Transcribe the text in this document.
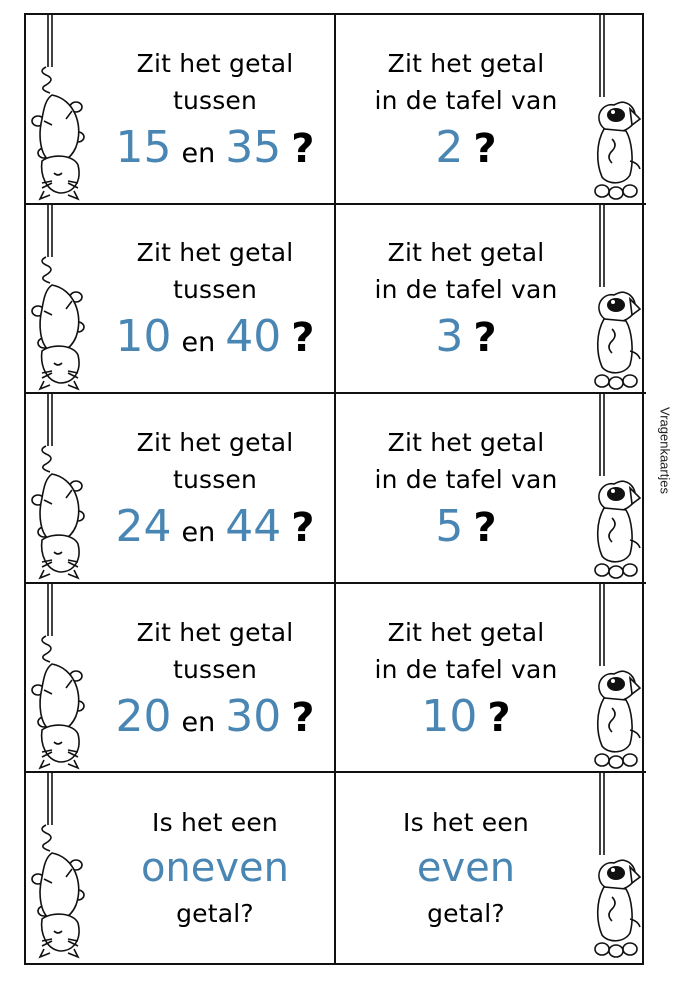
Zit het getal
tussen
15 en 35 ?
Zit het getal
in de tafel van
2 ?
Zit het getal
tussen
10 en 40 ?
Zit het getal
in de tafel van
3 ?
Zit het getal
tussen
24 en 44 ?
Zit het getal
in de tafel van
5 ?
Zit het getal
tussen
20 en 30 ?
Zit het getal
in de tafel van
10 ?
Is het een
oneven
getal?
Is het een
even
getal?
Vragenkaartjes
